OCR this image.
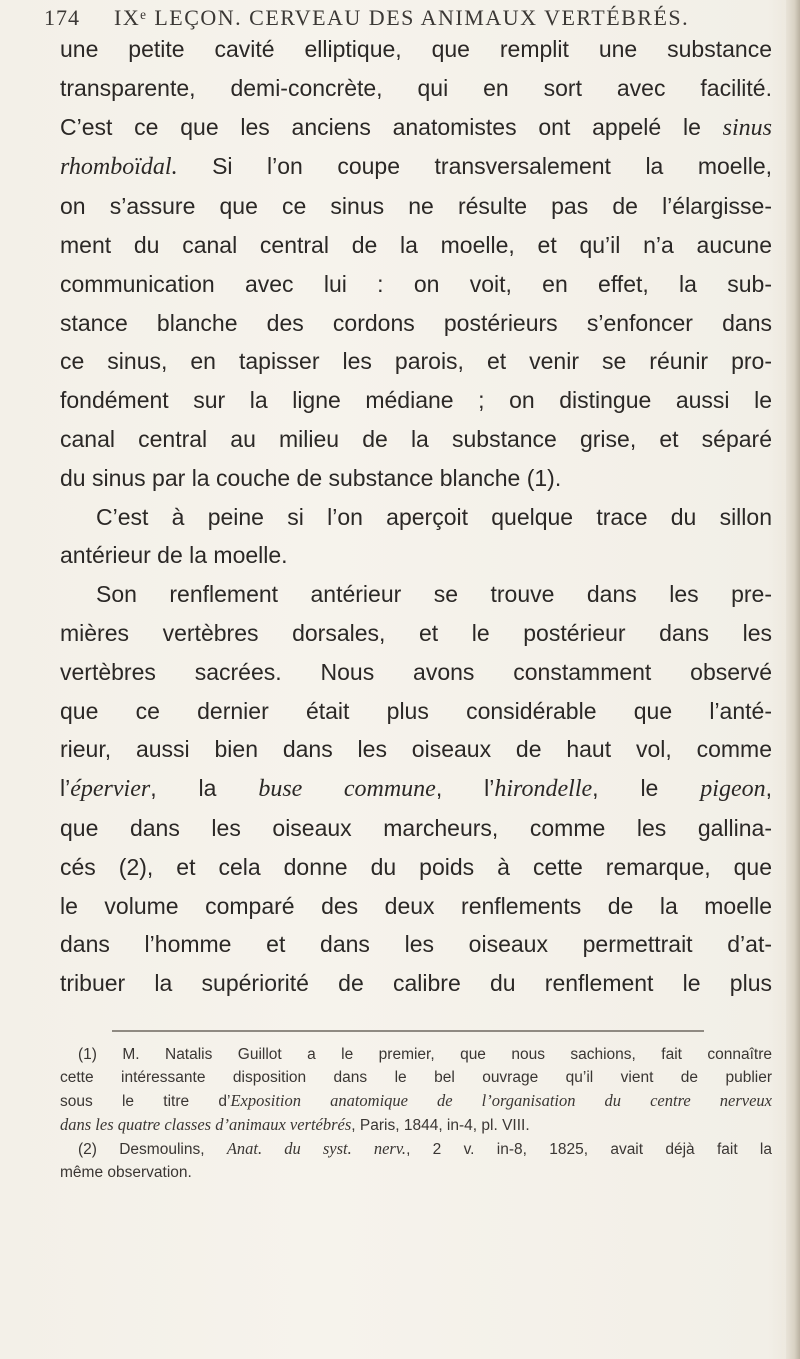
174 IXᵉ LEÇON. CERVEAU DES ANIMAUX VERTÉBRÉS.
une petite cavité elliptique, que remplit une substance
transparente, demi-concrète, qui en sort avec facilité.
C’est ce que les anciens anatomistes ont appelé le sinus
rhomboïdal. Si l’on coupe transversalement la moelle,
on s’assure que ce sinus ne résulte pas de l’élargisse-
ment du canal central de la moelle, et qu’il n’a aucune
communication avec lui : on voit, en effet, la sub-
stance blanche des cordons postérieurs s’enfoncer dans
ce sinus, en tapisser les parois, et venir se réunir pro-
fondément sur la ligne médiane ; on distingue aussi le
canal central au milieu de la substance grise, et séparé
du sinus par la couche de substance blanche (1).
C’est à peine si l’on aperçoit quelque trace du sillon
antérieur de la moelle.
Son renflement antérieur se trouve dans les pre-
mières vertèbres dorsales, et le postérieur dans les
vertèbres sacrées. Nous avons constamment observé
que ce dernier était plus considérable que l’anté-
rieur, aussi bien dans les oiseaux de haut vol, comme
l’épervier, la buse commune, l’hirondelle, le pigeon,
que dans les oiseaux marcheurs, comme les gallina-
cés (2), et cela donne du poids à cette remarque, que
le volume comparé des deux renflements de la moelle
dans l’homme et dans les oiseaux permettrait d’at-
tribuer la supériorité de calibre du renflement le plus
(1) M. Natalis Guillot a le premier, que nous sachions, fait connaître
cette intéressante disposition dans le bel ouvrage qu’il vient de publier
sous le titre d’Exposition anatomique de l’organisation du centre nerveux
dans les quatre classes d’animaux vertébrés, Paris, 1844, in-4, pl. VIII.
(2) Desmoulins, Anat. du syst. nerv., 2 v. in-8, 1825, avait déjà fait la
même observation.
